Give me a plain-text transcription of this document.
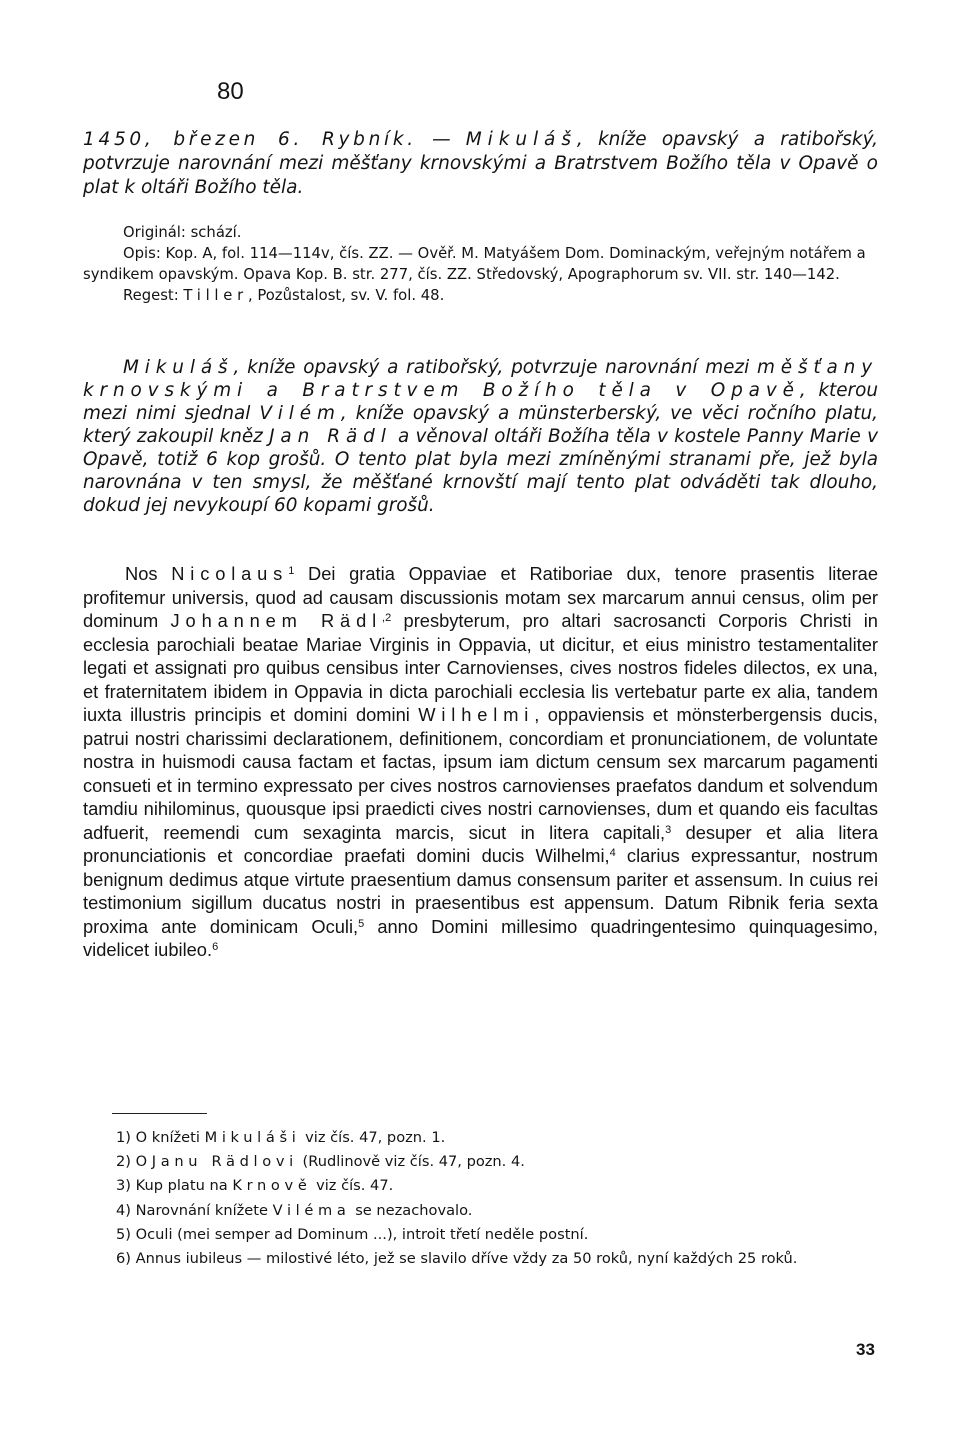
80
1450, březen 6. Rybník. — Mikuláš, kníže opavský a ratibořský, potvrzuje narovnání mezi měšťany krnovskými a Bratrstvem Božího těla v Opavě o plat k oltáři Božího těla.

Originál: schází.

Opis: Kop. A, fol. 114—114v, čís. ZZ. — Ověř. M. Matyášem Dom. Dominackým, veřejným notářem a syndikem opavským. Opava Kop. B. str. 277, čís. ZZ. Středovský, Apographorum sv. VII. str. 140—142.

Regest: Tiller, Pozůstalost, sv. V. fol. 48.

Mikuláš, kníže opavský a ratibořský, potvrzuje narovnání mezi měšťany krnovskými a Bratrstvem Božího těla v Opavě, kterou mezi nimi sjednal Vilém, kníže opavský a münsterberský, ve věci ročního platu, který zakoupil kněz Jan Rädl a věnoval oltáři Božíha těla v kostele Panny Marie v Opavě, totiž 6 kop grošů. O tento plat byla mezi zmíněnými stranami pře, jež byla narovnána v ten smysl, že měšťané krnovští mají tento plat odváděti tak dlouho, dokud jej nevykoupí 60 kopami grošů.
Nos Nicolaus$^1$ Dei gratia Oppaviae et Ratiboriae dux, tenore prasentis literae profitemur universis, quod ad causam discussionis motam sex marcarum annui census, olim per dominum Johannem Rädl$^{,2}$ presbyterum, pro altari sacrosancti Corporis Christi in ecclesia parochiali beatae Mariae Virginis in Oppavia, ut dicitur, et eius ministro testamentaliter legati et assignati pro quibus censibus inter Carnovienses, cives nostros fideles dilectos, ex una, et fraternitatem ibidem in Oppavia in dicta parochiali ecclesia lis vertebatur parte ex alia, tandem iuxta illustris principis et domini domini Wilhelmi, oppaviensis et mönsterbergensis ducis, patrui nostri charissimi declarationem, definitionem, concordiam et pronunciationem, de voluntate nostra in huismodi causa factam et factas, ipsum iam dictum censum sex marcarum pagamenti consueti et in termino expressato per cives nostros carnovienses praefatos dandum et solvendum tamdiu nihilominus, quousque ipsi praedicti cives nostri carnovienses, dum et quando eis facultas adfuerit, reemendi cum sexaginta marcis, sicut in litera capitali,$^3$ desuper et alia litera pronunciationis et concordiae praefati domini ducis Wilhelmi,$^4$ clarius expressantur, nostrum benignum dedimus atque virtute praesentium damus consensum pariter et assensum. In cuius rei testimonium sigillum ducatus nostri in praesentibus est appensum. Datum Ribnik feria sexta proxima ante dominicam Oculi,$^5$ anno Domini millesimo quadringentesimo quinquagesimo, videlicet iubileo.$^6$

1) O knížeti Mikuláši viz čís. 47, pozn. 1.

2) O Janu Rädlovi (Rudlinově viz čís. 47, pozn. 4.

3) Kup platu na Krnově viz čís. 47.

4) Narovnání knížete Viléma se nezachovalo.

5) Oculi (mei semper ad Dominum ...), introit třetí neděle postní.

6) Annus iubileus — milostivé léto, jež se slavilo dříve vždy za 50 roků, nyní každých 25 roků.

33
